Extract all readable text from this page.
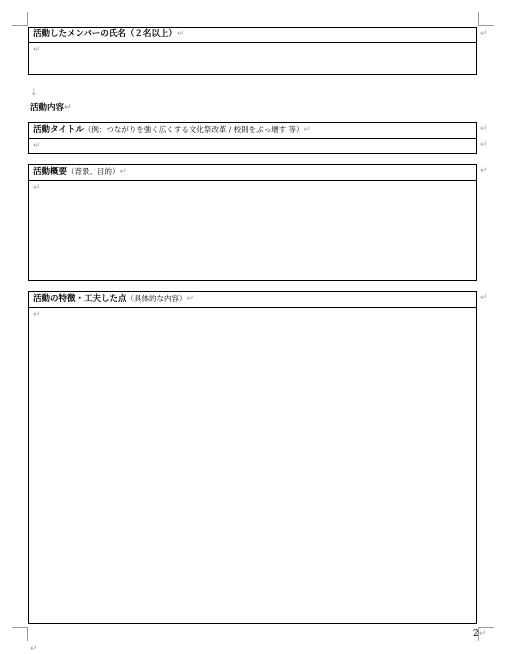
活動したメンバーの氏名（２名以上）↵
↵
↵
↓
活動内容↵
活動タイトル（例：つながりを強く広くする文化祭改革 / 校則をぶっ壊す 等）↵
↵
↵
↵
活動概要（背景、目的）↵
↵
↵
活動の特徴・工夫した点（具体的な内容）↵
↵
↵
2↵
↵
